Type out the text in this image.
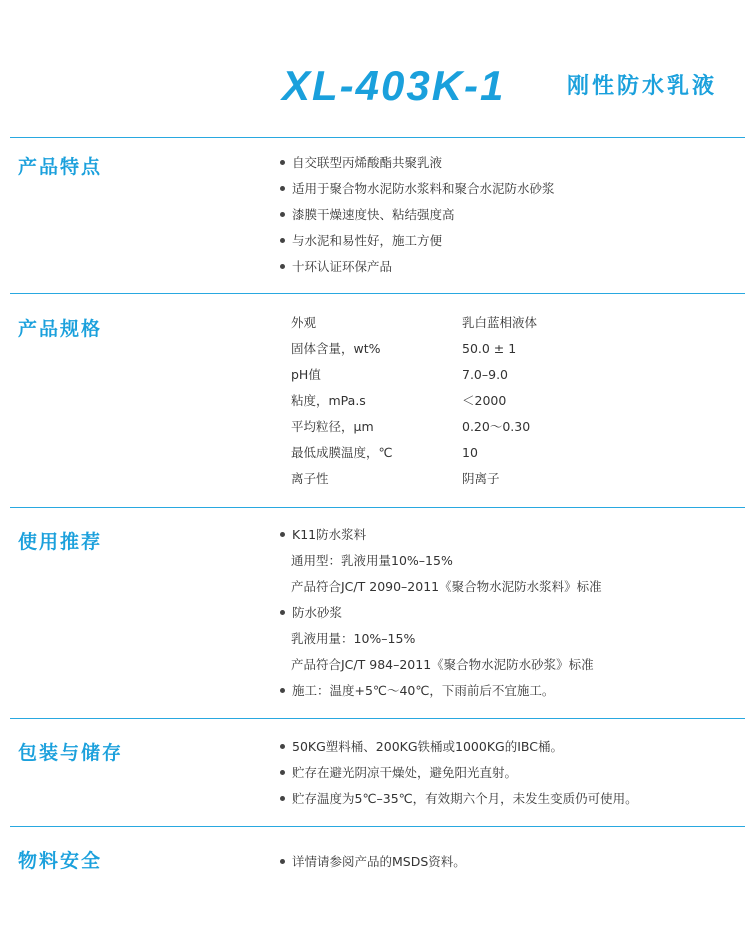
XL-403K-1	刚性防水乳液
产品特点	自交联型丙烯酸酯共聚乳液
适用于聚合物水泥防水浆料和聚合水泥防水砂浆
漆膜干燥速度快、粘结强度高
与水泥和易性好，施工方便
十环认证环保产品
产品规格	外观	乳白蓝相液体
固体含量，wt%	50.0 ± 1
pH值	7.0–9.0
粘度，mPa.s	＜2000
平均粒径，μm	0.20～0.30
最低成膜温度，℃	10
离子性	阴离子
使用推荐	K11防水浆料
通用型：乳液用量10%–15%
产品符合JC/T 2090–2011《聚合物水泥防水浆料》标准
防水砂浆
乳液用量：10%–15%
产品符合JC/T 984–2011《聚合物水泥防水砂浆》标准
施工：温度+5℃～40℃，下雨前后不宜施工。
包装与储存	50KG塑料桶、200KG铁桶或1000KG的IBC桶。
贮存在避光阴凉干燥处，避免阳光直射。
贮存温度为5℃–35℃，有效期六个月，未发生变质仍可使用。
物料安全	详情请参阅产品的MSDS资料。
